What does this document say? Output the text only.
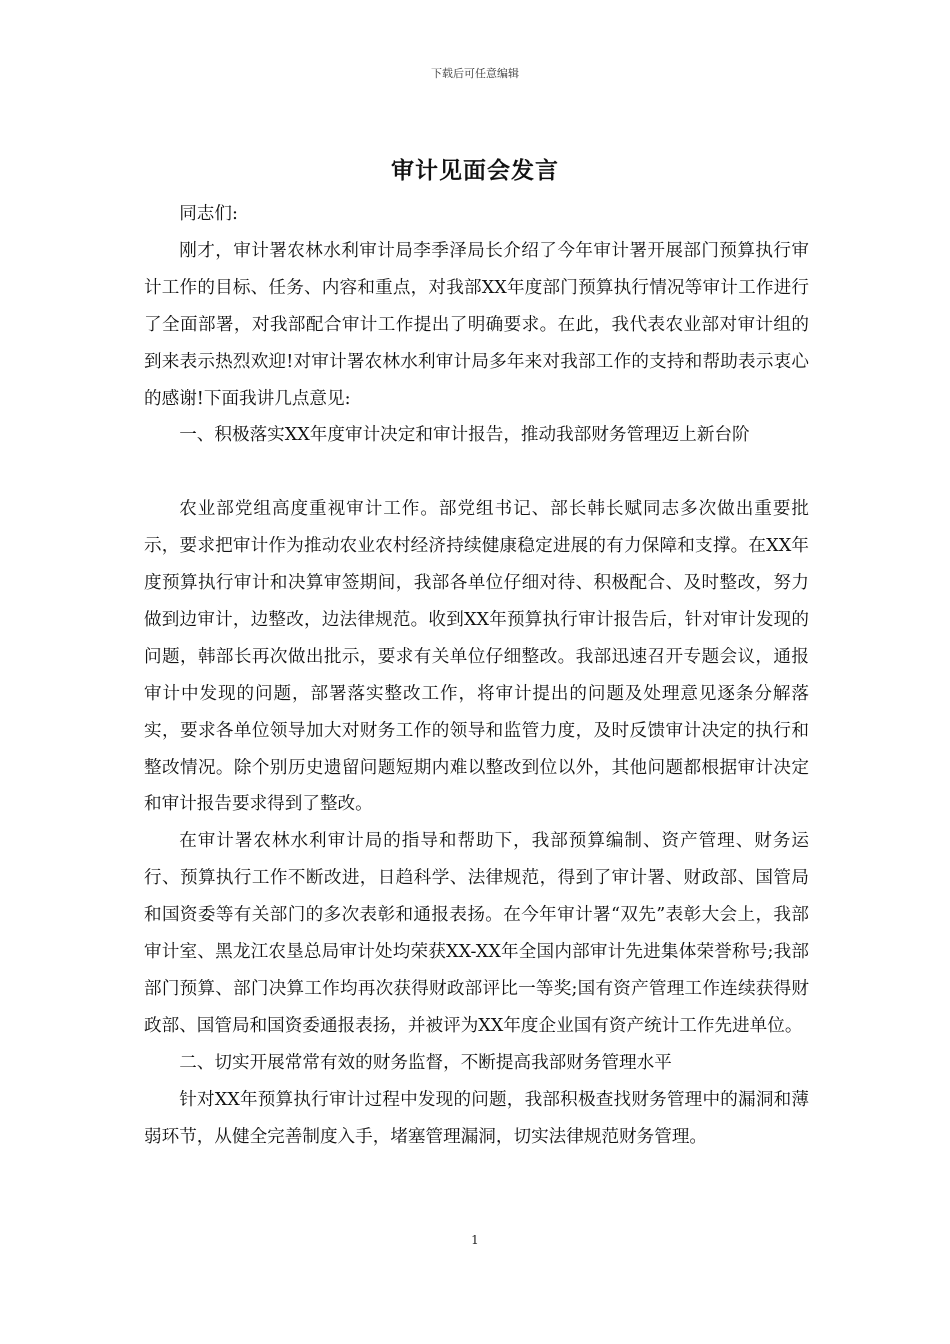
下载后可任意编辑
审计见面会发言

同志们:

刚才，审计署农林水利审计局李季泽局长介绍了今年审计署开展部门预算执行审计工作的目标、任务、内容和重点，对我部XX年度部门预算执行情况等审计工作进行了全面部署，对我部配合审计工作提出了明确要求。在此，我代表农业部对审计组的到来表示热烈欢迎!对审计署农林水利审计局多年来对我部工作的支持和帮助表示衷心的感谢!下面我讲几点意见:

一、积极落实XX年度审计决定和审计报告，推动我部财务管理迈上新台阶

农业部党组高度重视审计工作。部党组书记、部长韩长赋同志多次做出重要批示，要求把审计作为推动农业农村经济持续健康稳定进展的有力保障和支撑。在XX年度预算执行审计和决算审签期间，我部各单位仔细对待、积极配合、及时整改，努力做到边审计，边整改，边法律规范。收到XX年预算执行审计报告后，针对审计发现的问题，韩部长再次做出批示，要求有关单位仔细整改。我部迅速召开专题会议，通报审计中发现的问题，部署落实整改工作，将审计提出的问题及处理意见逐条分解落实，要求各单位领导加大对财务工作的领导和监管力度，及时反馈审计决定的执行和整改情况。除个别历史遗留问题短期内难以整改到位以外，其他问题都根据审计决定和审计报告要求得到了整改。

在审计署农林水利审计局的指导和帮助下，我部预算编制、资产管理、财务运行、预算执行工作不断改进，日趋科学、法律规范，得到了审计署、财政部、国管局和国资委等有关部门的多次表彰和通报表扬。在今年审计署“双先”表彰大会上，我部审计室、黑龙江农垦总局审计处均荣获XX-XX年全国内部审计先进集体荣誉称号;我部部门预算、部门决算工作均再次获得财政部评比一等奖;国有资产管理工作连续获得财政部、国管局和国资委通报表扬，并被评为XX年度企业国有资产统计工作先进单位。

二、切实开展常常有效的财务监督，不断提高我部财务管理水平

针对XX年预算执行审计过程中发现的问题，我部积极查找财务管理中的漏洞和薄弱环节，从健全完善制度入手，堵塞管理漏洞，切实法律规范财务管理。

1
